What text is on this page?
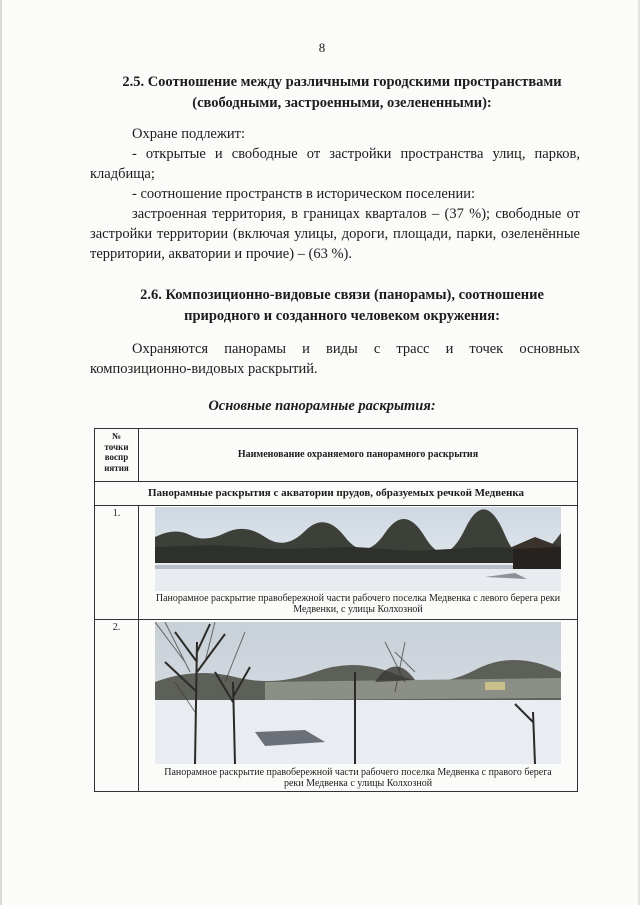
8
2.5. Соотношение между различными городскими пространствами
(свободными, застроенными, озелененными):
Охране подлежит:
- открытые и свободные от застройки пространства улиц, парков, кладбища;
- соотношение пространств в историческом поселении:
застроенная территория, в границах кварталов – (37 %); свободные от застройки территории (включая улицы, дороги, площади, парки, озеленённые территории, акватории и прочие) – (63 %).
2.6. Композиционно-видовые связи (панорамы), соотношение
природного и созданного человеком окружения:
Охраняются панорамы и виды с трасс и точек основных композиционно-видовых раскрытий.
Основные панорамные раскрытия:
№
точки
воспр
иятия
Наименование охраняемого панорамного раскрытия
Панорамные раскрытия с акватории прудов, образуемых речкой Медвенка
1.
Панорамное раскрытие правобережной части рабочего поселка Медвенка с левого берега реки Медвенки, с улицы Колхозной
2.
Панорамное раскрытие правобережной части рабочего поселка Медвенка с правого берега реки Медвенка с улицы Колхозной
